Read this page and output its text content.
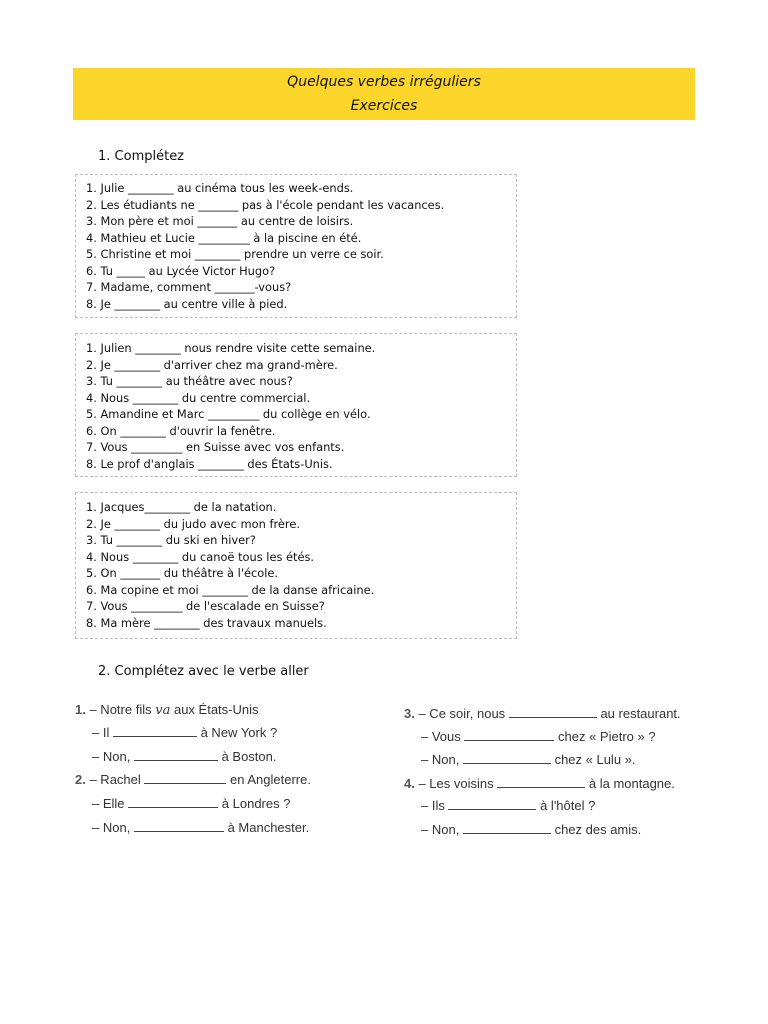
Quelques verbes irréguliers
Exercices
1. Complétez
1. Julie ________ au cinéma tous les week-ends.
2. Les étudiants ne _______ pas à l'école pendant les vacances.
3. Mon père et moi _______ au centre de loisirs.
4. Mathieu et Lucie _________ à la piscine en été.
5. Christine et moi ________ prendre un verre ce soir.
6. Tu _____ au Lycée Victor Hugo?
7. Madame, comment _______-vous?
8. Je ________ au centre ville à pied.
1. Julien ________ nous rendre visite cette semaine.
2. Je ________ d'arriver chez ma grand-mère.
3. Tu ________ au théâtre avec nous?
4. Nous ________ du centre commercial.
5. Amandine et Marc _________ du collège en vélo.
6. On ________ d'ouvrir la fenêtre.
7. Vous _________ en Suisse avec vos enfants.
8. Le prof d'anglais ________ des États-Unis.
1. Jacques________ de la natation.
2. Je ________ du judo avec mon frère.
3. Tu ________ du ski en hiver?
4. Nous ________ du canoë tous les étés.
5. On _______ du théâtre à l'école.
6. Ma copine et moi ________ de la danse africaine.
7. Vous _________ de l'escalade en Suisse?
8. Ma mère ________ des travaux manuels.
2. Complétez avec le verbe aller
1. – Notre fils va aux États-Unis
– Il	à New York ?
– Non,	à Boston.
2. – Rachel	en Angleterre.
– Elle	à Londres ?
– Non,	à Manchester.
3. – Ce soir, nous	au restaurant.
– Vous	chez « Pietro » ?
– Non,	chez « Lulu ».
4. – Les voisins	à la montagne.
– Ils	à l'hôtel ?
– Non,	chez des amis.
